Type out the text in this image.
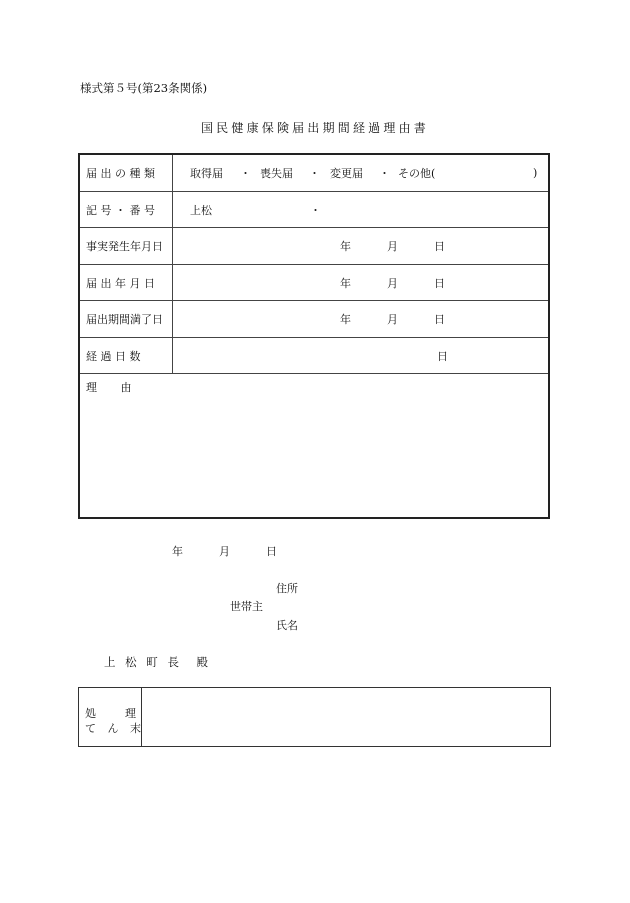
様式第５号(第23条関係)
国民健康保険届出期間経過理由書
届 出 の 種 類	取得届 ・ 喪失届 ・ 変更届 ・ その他(	)
記 号 ・ 番 号	上松	・
事実発生年月日	年	月	日
届 出 年 月 日	年	月	日
届出期間満了日	年	月	日
経 過 日 数	日
理 由
年	月	日
住所
世帯主
氏名
上 松 町 長　殿
処	理
て ん 末
